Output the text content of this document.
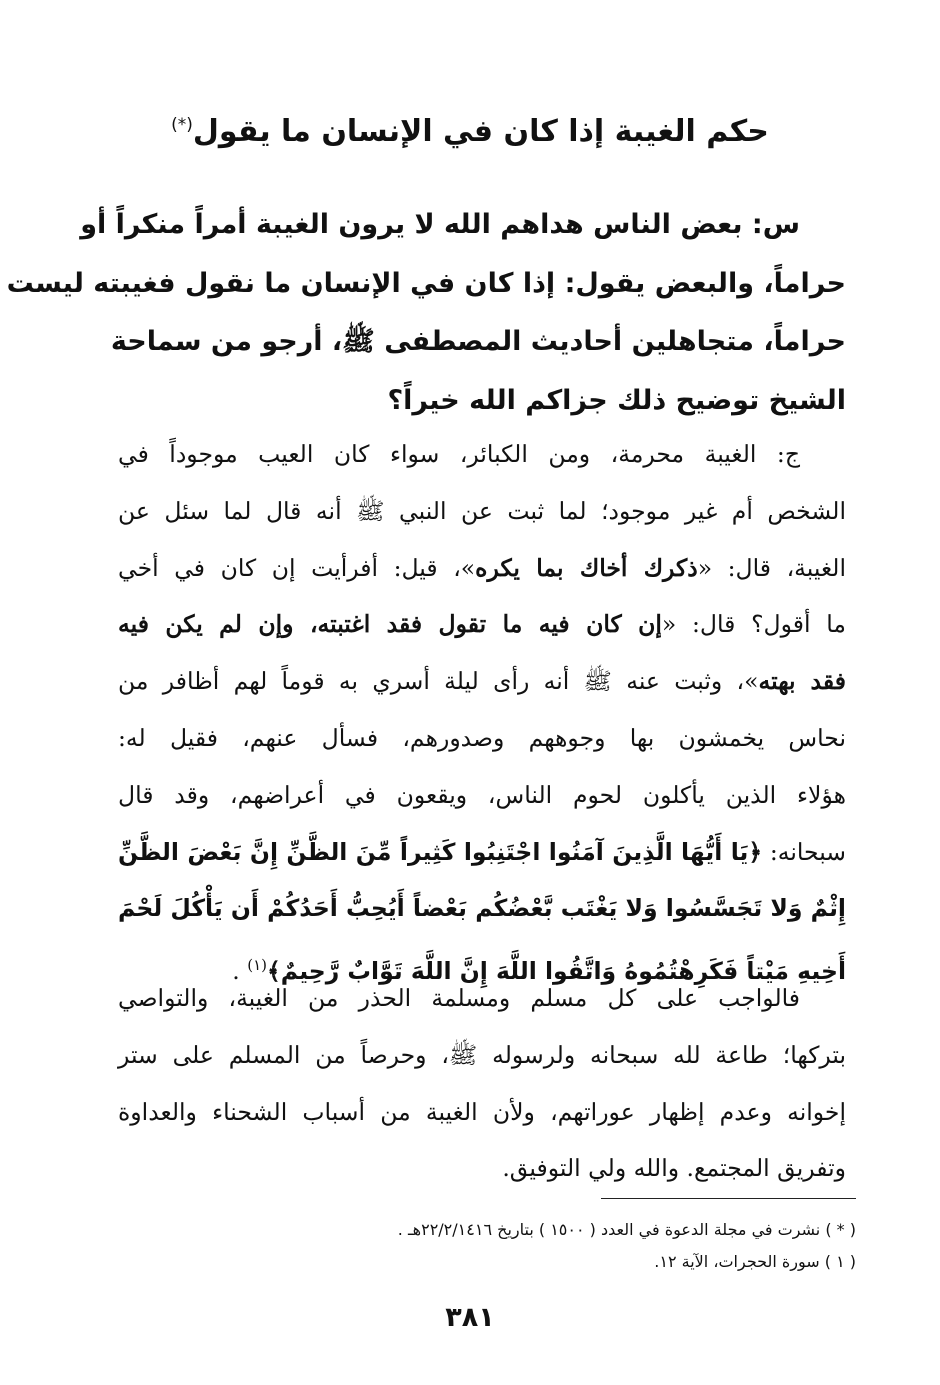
حكم الغيبة إذا كان في الإنسان ما يقول(*)
س: بعض الناس هداهم الله لا يرون الغيبة أمراً منكراً أو
حراماً، والبعض يقول: إذا كان في الإنسان ما نقول فغيبته ليست
حراماً، متجاهلين أحاديث المصطفى ﷺ، أرجو من سماحة
الشيخ توضيح ذلك جزاكم الله خيراً؟
ج: الغيبة محرمة، ومن الكبائر، سواء كان العيب موجوداً في
الشخص أم غير موجود؛ لما ثبت عن النبي ﷺ أنه قال لما سئل عن
الغيبة، قال: «ذكرك أخاك بما يكره»، قيل: أفرأيت إن كان في أخي
ما أقول؟ قال: «إن كان فيه ما تقول فقد اغتبته، وإن لم يكن فيه
فقد بهته»، وثبت عنه ﷺ أنه رأى ليلة أسري به قوماً لهم أظافر من
نحاس يخمشون بها وجوههم وصدورهم، فسأل عنهم، فقيل له:
هؤلاء الذين يأكلون لحوم الناس، ويقعون في أعراضهم، وقد قال
سبحانه: ﴿يَا أَيُّهَا الَّذِينَ آمَنُوا اجْتَنِبُوا كَثِيراً مِّنَ الظَّنِّ إِنَّ بَعْضَ الظَّنِّ
إِثْمٌ وَلا تَجَسَّسُوا وَلا يَغْتَب بَّعْضُكُم بَعْضاً أَيُحِبُّ أَحَدُكُمْ أَن يَأْكُلَ لَحْمَ
أَخِيهِ مَيْتاً فَكَرِهْتُمُوهُ وَاتَّقُوا اللَّهَ إِنَّ اللَّهَ تَوَّابٌ رَّحِيمٌ﴾$^{(١)}$ .
فالواجب على كل مسلم ومسلمة الحذر من الغيبة، والتواصي
بتركها؛ طاعة لله سبحانه ولرسوله ﷺ، وحرصاً من المسلم على ستر
إخوانه وعدم إظهار عوراتهم، ولأن الغيبة من أسباب الشحناء والعداوة
وتفريق المجتمع. والله ولي التوفيق.
( * ) نشرت في مجلة الدعوة في العدد ( ١٥٠٠ ) بتاريخ ٢٢/٢/١٤١٦هـ .
( ١ ) سورة الحجرات، الآية ١٢.
٣٨١
